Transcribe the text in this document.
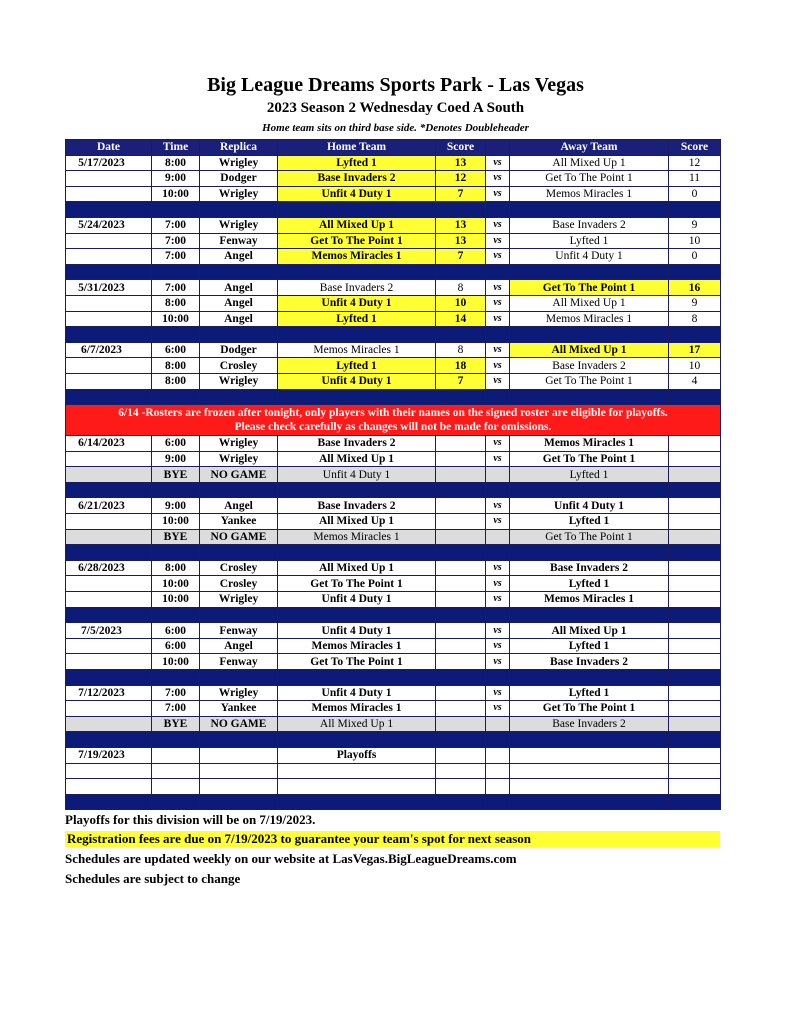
Big League Dreams Sports Park - Las Vegas
2023 Season 2 Wednesday Coed A South
Home team sits on third base side. *Denotes Doubleheader
Date	Time	Replica	Home Team	Score		Away Team	Score
5/17/2023	8:00	Wrigley	Lyfted 1	13	vs	All Mixed Up 1	12
	9:00	Dodger	Base Invaders 2	12	vs	Get To The Point 1	11
	10:00	Wrigley	Unfit 4 Duty 1	7	vs	Memos Miracles 1	0

5/24/2023	7:00	Wrigley	All Mixed Up 1	13	vs	Base Invaders 2	9
	7:00	Fenway	Get To The Point 1	13	vs	Lyfted 1	10
	7:00	Angel	Memos Miracles 1	7	vs	Unfit 4 Duty 1	0

5/31/2023	7:00	Angel	Base Invaders 2	8	vs	Get To The Point 1	16
	8:00	Angel	Unfit 4 Duty 1	10	vs	All Mixed Up 1	9
	10:00	Angel	Lyfted 1	14	vs	Memos Miracles 1	8

6/7/2023	6:00	Dodger	Memos Miracles 1	8	vs	All Mixed Up 1	17
	8:00	Crosley	Lyfted 1	18	vs	Base Invaders 2	10
	8:00	Wrigley	Unfit 4 Duty 1	7	vs	Get To The Point 1	4

6/14 -Rosters are frozen after tonight, only players with their names on the signed roster are eligible for playoffs.
Please check carefully as changes will not be made for omissions.							

6/14/2023	6:00	Wrigley	Base Invaders 2		vs	Memos Miracles 1	
	9:00	Wrigley	All Mixed Up 1		vs	Get To The Point 1	
	BYE	NO GAME	Unfit 4 Duty 1			Lyfted 1	

6/21/2023	9:00	Angel	Base Invaders 2		vs	Unfit 4 Duty 1	
	10:00	Yankee	All Mixed Up 1		vs	Lyfted 1	
	BYE	NO GAME	Memos Miracles 1			Get To The Point 1	

6/28/2023	8:00	Crosley	All Mixed Up 1		vs	Base Invaders 2	
	10:00	Crosley	Get To The Point 1		vs	Lyfted 1	
	10:00	Wrigley	Unfit 4 Duty 1		vs	Memos Miracles 1	

7/5/2023	6:00	Fenway	Unfit 4 Duty 1		vs	All Mixed Up 1	
	6:00	Angel	Memos Miracles 1		vs	Lyfted 1	
	10:00	Fenway	Get To The Point 1		vs	Base Invaders 2	

7/12/2023	7:00	Wrigley	Unfit 4 Duty 1		vs	Lyfted 1	
	7:00	Yankee	Memos Miracles 1		vs	Get To The Point 1	
	BYE	NO GAME	All Mixed Up 1			Base Invaders 2	

7/19/2023			Playoffs				

Playoffs for this division will be on 7/19/2023.
Registration fees are due on 7/19/2023 to guarantee your team's spot for next season
Schedules are updated weekly on our website at LasVegas.BigLeagueDreams.com
Schedules are subject to change
